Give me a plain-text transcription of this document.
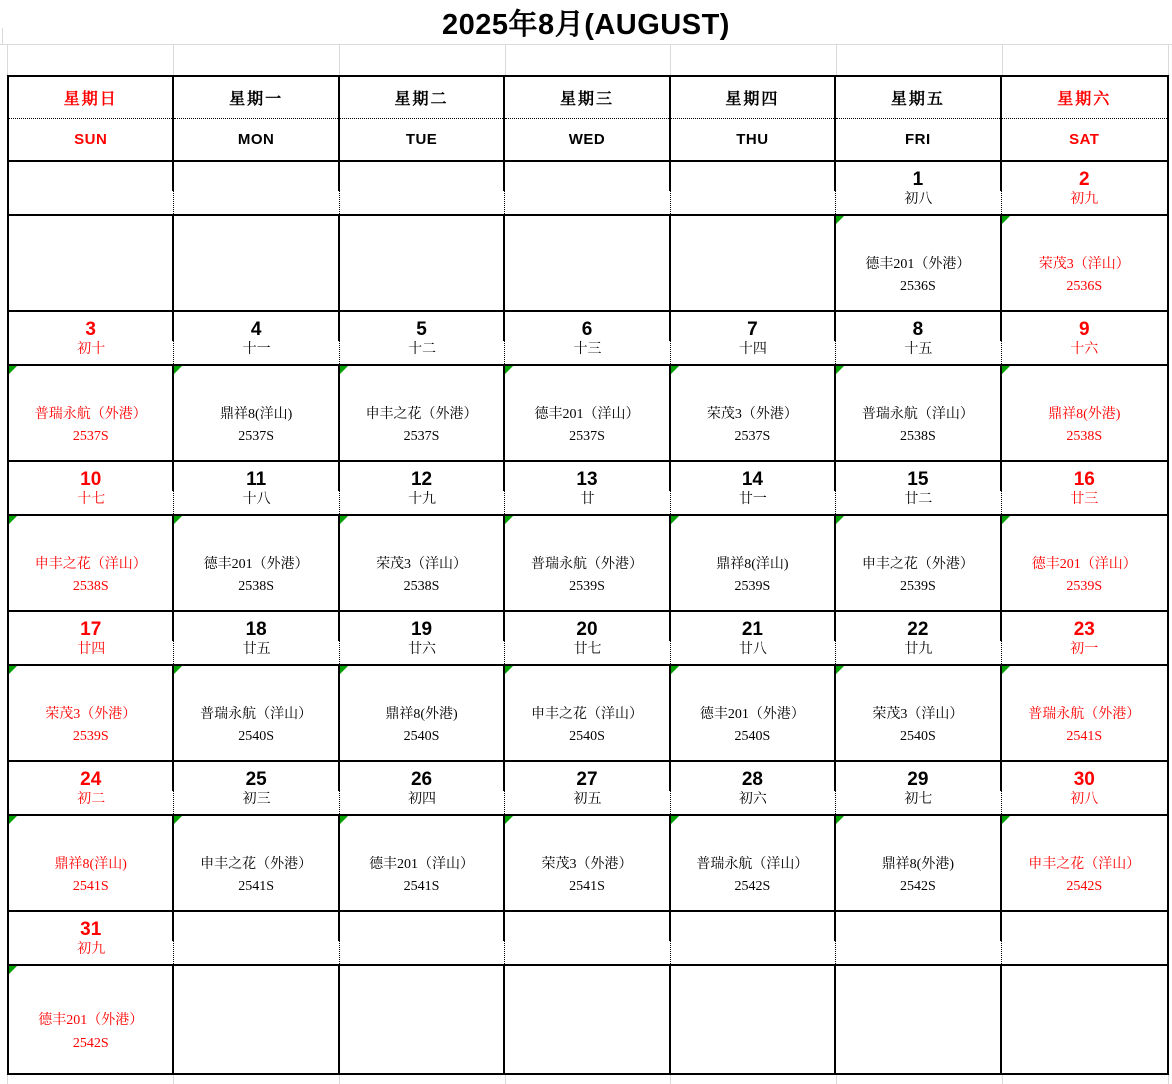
2025年8月(AUGUST)
星期日
SUN
星期一
MON
星期二
TUE
星期三
WED
星期四
THU
星期五
FRI
星期六
SAT
1
初八
2
初九
德丰201（外港）
2536S
荣茂3（洋山）
2536S
3
初十
4
十一
5
十二
6
十三
7
十四
8
十五
9
十六
普瑞永航（外港）
2537S
鼎祥8(洋山)
2537S
申丰之花（外港）
2537S
德丰201（洋山）
2537S
荣茂3（外港）
2537S
普瑞永航（洋山）
2538S
鼎祥8(外港)
2538S
10
十七
11
十八
12
十九
13
廿
14
廿一
15
廿二
16
廿三
申丰之花（洋山）
2538S
德丰201（外港）
2538S
荣茂3（洋山）
2538S
普瑞永航（外港）
2539S
鼎祥8(洋山)
2539S
申丰之花（外港）
2539S
德丰201（洋山）
2539S
17
廿四
18
廿五
19
廿六
20
廿七
21
廿八
22
廿九
23
初一
荣茂3（外港）
2539S
普瑞永航（洋山）
2540S
鼎祥8(外港)
2540S
申丰之花（洋山）
2540S
德丰201（外港）
2540S
荣茂3（洋山）
2540S
普瑞永航（外港）
2541S
24
初二
25
初三
26
初四
27
初五
28
初六
29
初七
30
初八
鼎祥8(洋山)
2541S
申丰之花（外港）
2541S
德丰201（洋山）
2541S
荣茂3（外港）
2541S
普瑞永航（洋山）
2542S
鼎祥8(外港)
2542S
申丰之花（洋山）
2542S
31
初九
德丰201（外港）
2542S
